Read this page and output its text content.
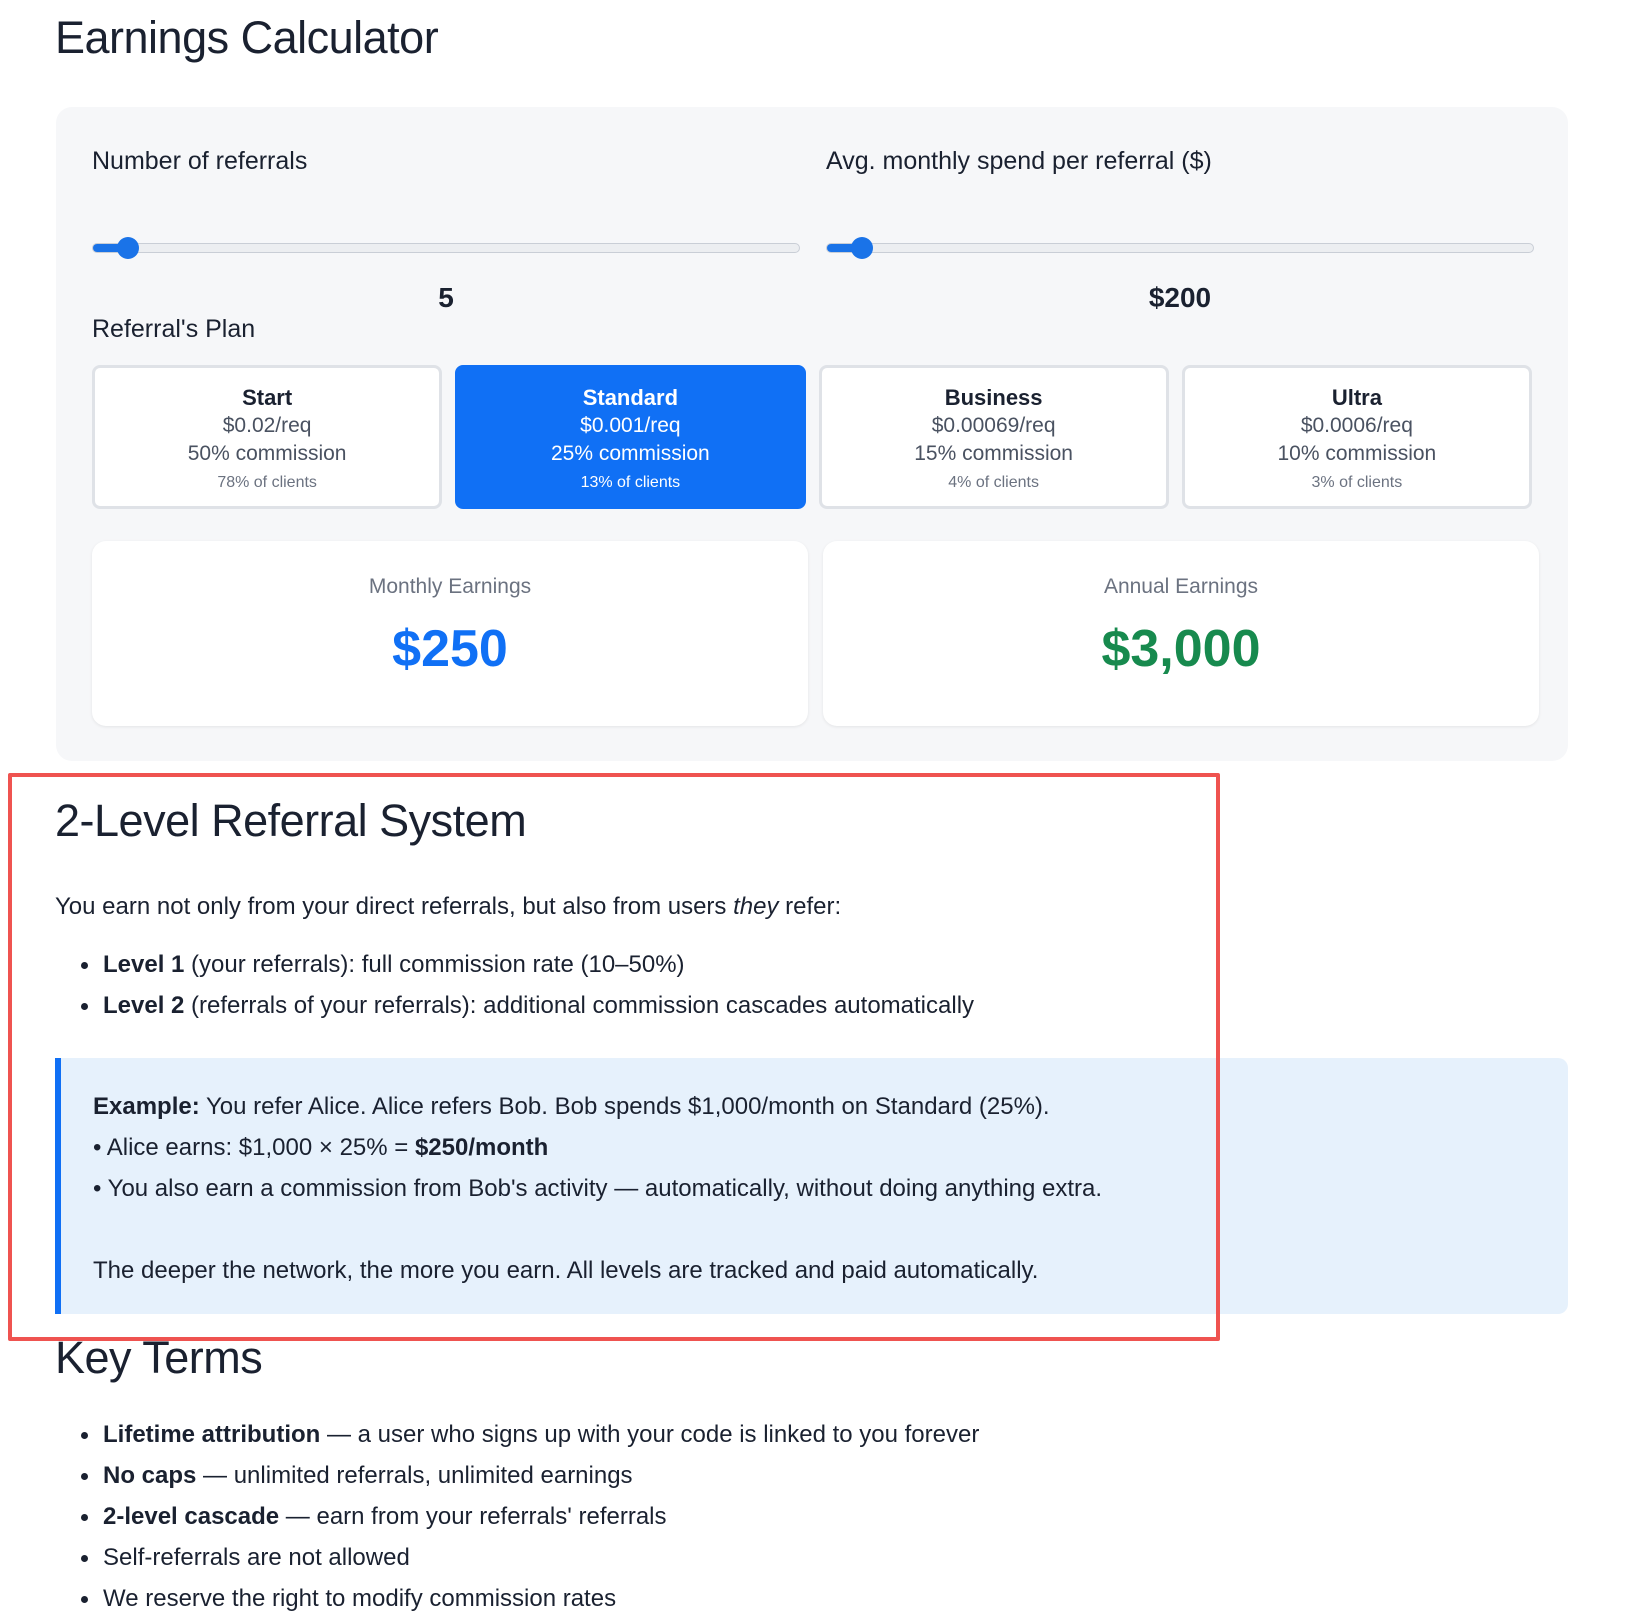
Earnings Calculator
Number of referrals
5
Avg. monthly spend per referral ($)
$200
Referral's Plan
Start
$0.02/req
50% commission
78% of clients
Standard
$0.001/req
25% commission
13% of clients
Business
$0.00069/req
15% commission
4% of clients
Ultra
$0.0006/req
10% commission
3% of clients
Monthly Earnings
$250
Annual Earnings
$3,000
2-Level Referral System

You earn not only from your direct referrals, but also from users they refer:

Level 1 (your referrals): full commission rate (10–50%)
Level 2 (referrals of your referrals): additional commission cascades automatically

Example: You refer Alice. Alice refers Bob. Bob spends $1,000/month on Standard (25%).

• Alice earns: $1,000 × 25% = $250/month

• You also earn a commission from Bob's activity — automatically, without doing anything extra.

The deeper the network, the more you earn. All levels are tracked and paid automatically.

Key Terms
Lifetime attribution — a user who signs up with your code is linked to you forever
No caps — unlimited referrals, unlimited earnings
2-level cascade — earn from your referrals' referrals
Self-referrals are not allowed
We reserve the right to modify commission rates
